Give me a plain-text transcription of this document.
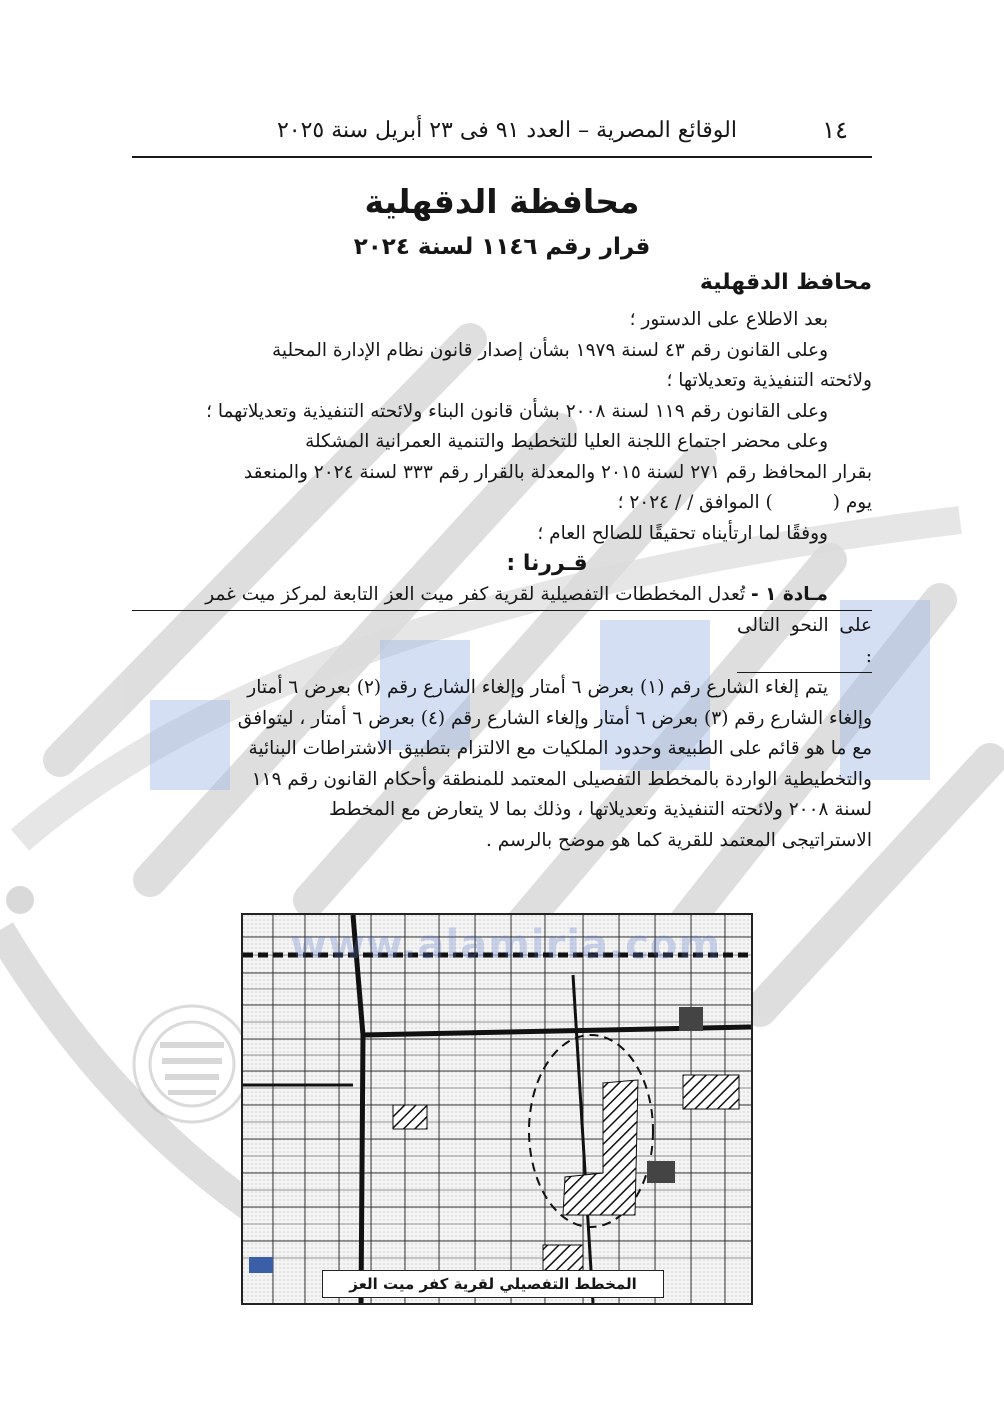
١٤
الوقائع المصرية – العدد ٩١ فى ٢٣ أبريل سنة ٢٠٢٥
محافظة الدقهلية
قرار رقم ١١٤٦ لسنة ٢٠٢٤
محافظ الدقهلية

بعد الاطلاع على الدستور ؛

وعلى القانون رقم ٤٣ لسنة ١٩٧٩ بشأن إصدار قانون نظام الإدارة المحلية

ولائحته التنفيذية وتعديلاتها ؛

وعلى القانون رقم ١١٩ لسنة ٢٠٠٨ بشأن قانون البناء ولائحته التنفيذية وتعديلاتهما ؛

وعلى محضر اجتماع اللجنة العليا للتخطيط والتنمية العمرانية المشكلة

بقرار المحافظ رقم ٢٧١ لسنة ٢٠١٥ والمعدلة بالقرار رقم ٣٣٣ لسنة ٢٠٢٤ والمنعقد

يوم () الموافق / / ٢٠٢٤ ؛

ووفقًا لما ارتأيناه تحقيقًا للصالح العام ؛

قـررنا :

مـادة ١ - تُعدل المخططات التفصيلية لقرية كفر ميت العز التابعة لمركز ميت غمر

على النحو التالى :

يتم إلغاء الشارع رقم (١) بعرض ٦ أمتار وإلغاء الشارع رقم (٢) بعرض ٦ أمتار

وإلغاء الشارع رقم (٣) بعرض ٦ أمتار وإلغاء الشارع رقم (٤) بعرض ٦ أمتار ، ليتوافق

مع ما هو قائم على الطبيعة وحدود الملكيات مع الالتزام بتطبيق الاشتراطات البنائية

والتخطيطية الواردة بالمخطط التفصيلى المعتمد للمنطقة وأحكام القانون رقم ١١٩

لسنة ٢٠٠٨ ولائحته التنفيذية وتعديلاتها ، وذلك بما لا يتعارض مع المخطط

الاستراتيجى المعتمد للقرية كما هو موضح بالرسم .

www.alamiria.com
المخطط التفصيلي لقرية كفر ميت العز
